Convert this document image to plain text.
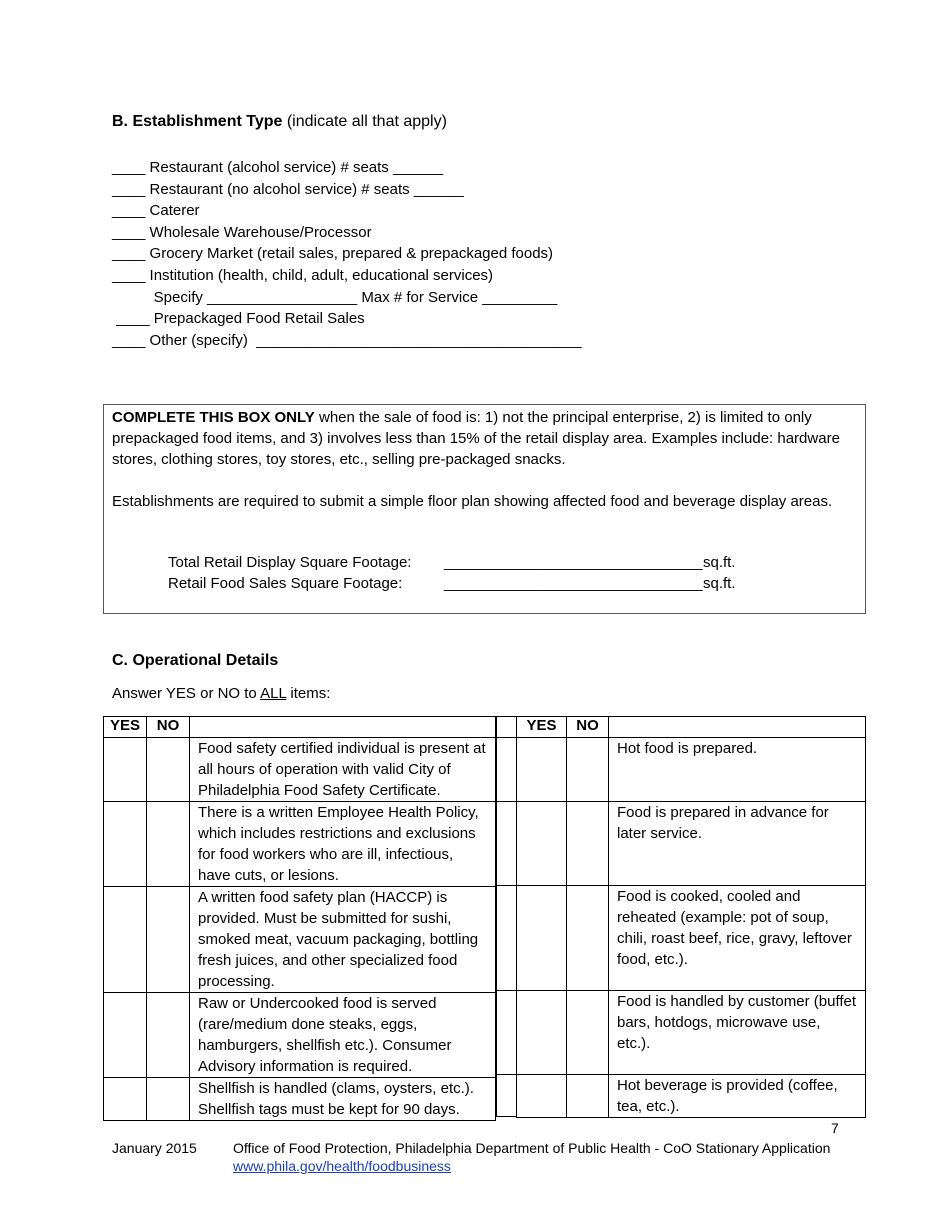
B. Establishment Type (indicate all that apply)
____ Restaurant (alcohol service) # seats ______
____ Restaurant (no alcohol service) # seats ______
____ Caterer
____ Wholesale Warehouse/Processor
____ Grocery Market (retail sales, prepared & prepackaged foods)
____ Institution (health, child, adult, educational services)
Specify __________________ Max # for Service _________
____ Prepackaged Food Retail Sales
____ Other (specify)  _______________________________________

COMPLETE THIS BOX ONLY when the sale of food is: 1) not the principal enterprise, 2) is limited to only prepackaged food items, and 3) involves less than 15% of the retail display area. Examples include: hardware stores, clothing stores, toy stores, etc., selling pre-packaged snacks.

Establishments are required to submit a simple floor plan showing affected food and beverage display areas.

Total Retail Display Square Footage: _______________________________ sq.ft.
Retail Food Sales Square Footage:	_______________________________ sq.ft.
C. Operational Details
Answer YES or NO to ALL items:
YES	NO	
		Food safety certified individual is present at all hours of operation with valid City of Philadelphia Food Safety Certificate.
		There is a written Employee Health Policy, which includes restrictions and exclusions for food workers who are ill, infectious, have cuts, or lesions.
		A written food safety plan (HACCP) is provided. Must be submitted for sushi, smoked meat, vacuum packaging, bottling fresh juices, and other specialized food processing.
		Raw or Undercooked food is served (rare/medium done steaks, eggs, hamburgers, shellfish etc.). Consumer Advisory information is required.
		Shellfish is handled (clams, oysters, etc.). Shellfish tags must be kept for 90 days.

YES	NO	
		Hot food is prepared.
		Food is prepared in advance for later service.
		Food is cooked, cooled and reheated (example: pot of soup, chili, roast beef, rice, gravy, leftover food, etc.).
		Food is handled by customer (buffet bars, hotdogs, microwave use, etc.).
		Hot beverage is provided (coffee, tea, etc.).
7
January 2015	Office of Food Protection, Philadelphia Department of Public Health - CoO Stationary Application
www.phila.gov/health/foodbusiness
